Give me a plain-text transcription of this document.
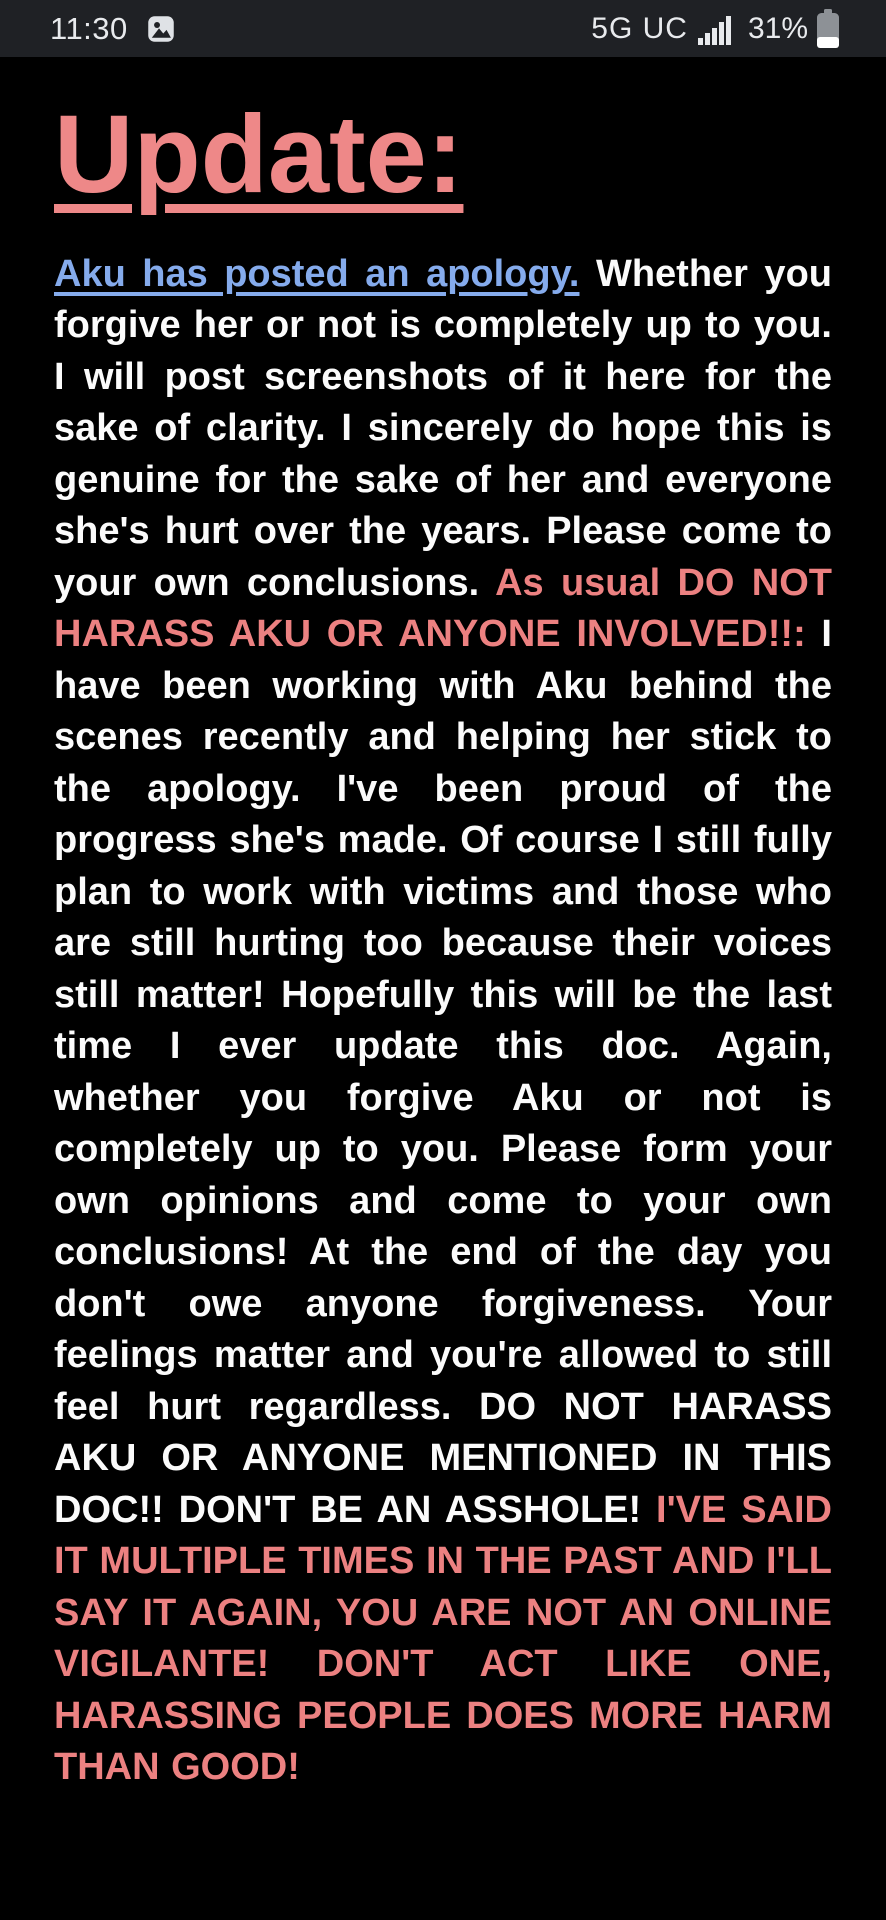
11:30	5G UC 31%
Update:

Aku has posted an apology. Whether you forgive her or not is completely up to you. I will post screenshots of it here for the sake of clarity. I sincerely do hope this is genuine for the sake of her and everyone she's hurt over the years. Please come to your own conclusions. As usual DO NOT HARASS AKU OR ANYONE INVOLVED!!: I have been working with Aku behind the scenes recently and helping her stick to the apology. I've been proud of the progress she's made. Of course I still fully plan to work with victims and those who are still hurting too because their voices still matter! Hopefully this will be the last time I ever update this doc. Again, whether you forgive Aku or not is completely up to you. Please form your own opinions and come to your own conclusions! At the end of the day you don't owe anyone forgiveness. Your feelings matter and you're allowed to still feel hurt regardless. DO NOT HARASS AKU OR ANYONE MENTIONED IN THIS DOC!! DON'T BE AN ASSHOLE! I'VE SAID IT MULTIPLE TIMES IN THE PAST AND I'LL SAY IT AGAIN, YOU ARE NOT AN ONLINE VIGILANTE! DON'T ACT LIKE ONE, HARASSING PEOPLE DOES MORE HARM THAN GOOD!
